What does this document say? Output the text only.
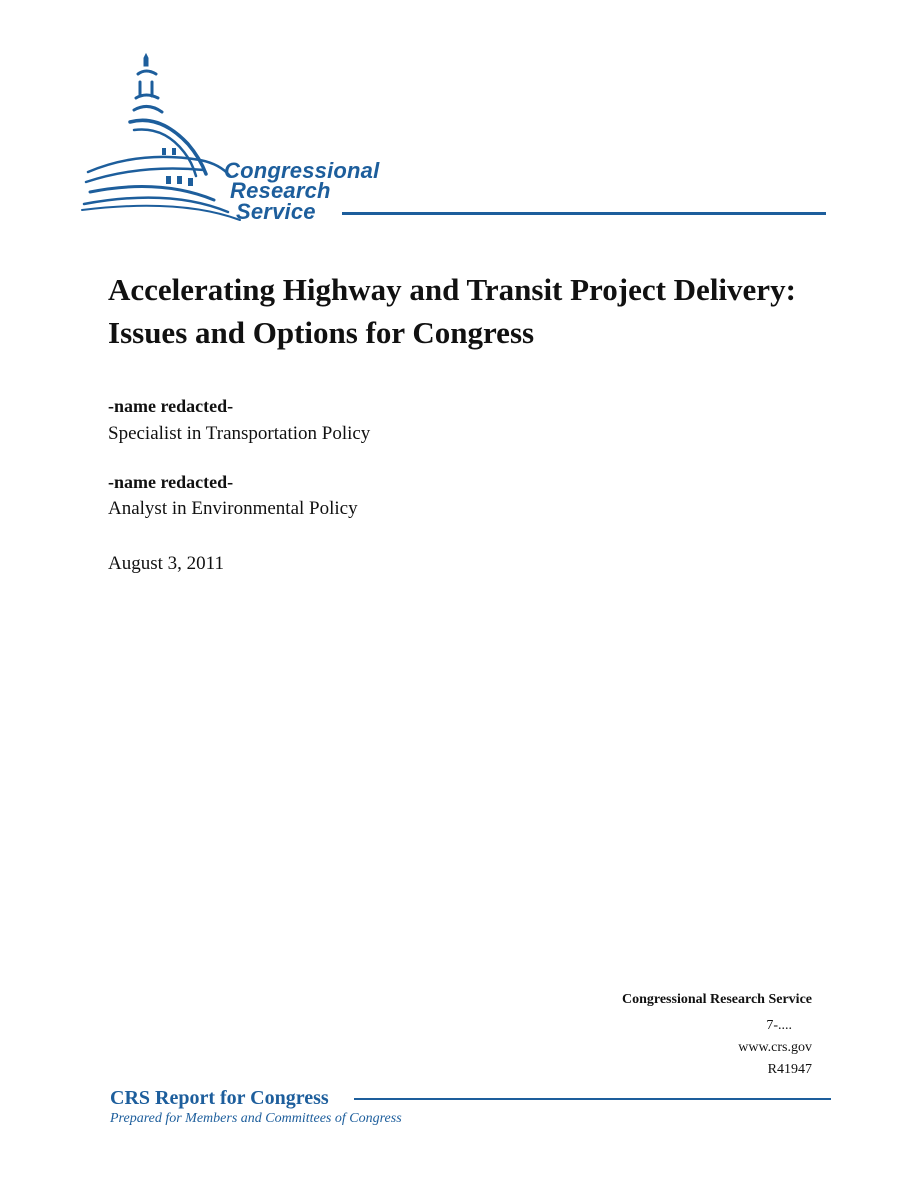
Congressional
Research
Service
Accelerating Highway and Transit Project Delivery: Issues and Options for Congress
-name redacted-
Specialist in Transportation Policy
-name redacted-
Analyst in Environmental Policy
August 3, 2011
Congressional Research Service
7-....
www.crs.gov
R41947
CRS Report for Congress
Prepared for Members and Committees of Congress
